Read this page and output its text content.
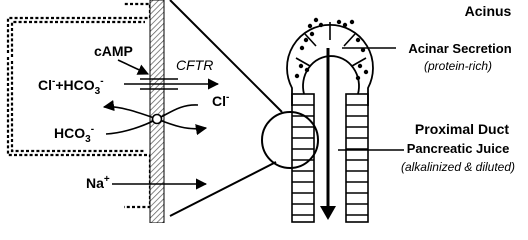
cAMP
CFTR
$Cl^-+HCO_3^-$
Cl-
$HCO_3^-$
Na+
Acinus
Acinar Secretion
(protein-rich)
Proximal Duct
Pancreatic Juice
(alkalinized & diluted)
